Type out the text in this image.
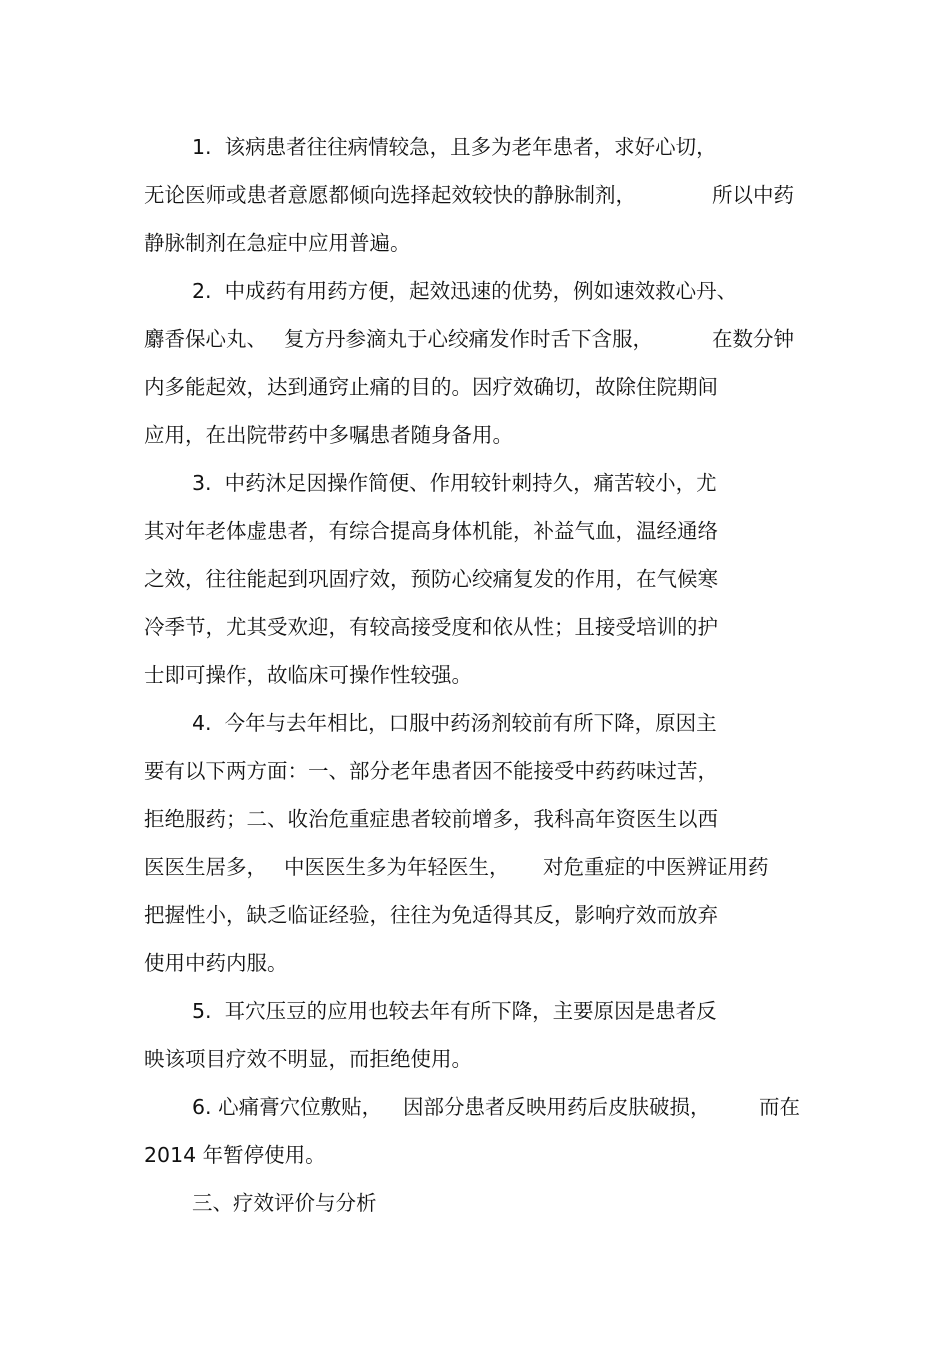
1.  该病患者往往病情较急，且多为老年患者，求好心切，

无论医师或患者意愿都倾向选择起效较快的静脉制剂，

	所以中药

静脉制剂在急症中应用普遍。

2.  中成药有用药方便，起效迅速的优势，例如速效救心丹、

麝香保心丸、

复方丹参滴丸于心绞痛发作时舌下含服，

	在数分钟

内多能起效，达到通窍止痛的目的。因疗效确切，故除住院期间

应用，在出院带药中多嘱患者随身备用。

3.  中药沐足因操作简便、作用较针刺持久，痛苦较小，尤

其对年老体虚患者，有综合提高身体机能，补益气血，温经通络

之效，往往能起到巩固疗效，预防心绞痛复发的作用，在气候寒

冷季节，尤其受欢迎，有较高接受度和依从性；且接受培训的护

士即可操作，故临床可操作性较强。

4.  今年与去年相比，口服中药汤剂较前有所下降，原因主

要有以下两方面：一、部分老年患者因不能接受中药药味过苦，

拒绝服药；二、收治危重症患者较前增多，我科高年资医生以西

医医生居多，

中医医生多为年轻医生，

对危重症的中医辨证用药

把握性小，缺乏临证经验，往往为免适得其反，影响疗效而放弃

使用中药内服。

5.  耳穴压豆的应用也较去年有所下降，主要原因是患者反

映该项目疗效不明显，而拒绝使用。

6. 心痛膏穴位敷贴，

因部分患者反映用药后皮肤破损，

而在

2014 年暂停使用。

三、疗效评价与分析
